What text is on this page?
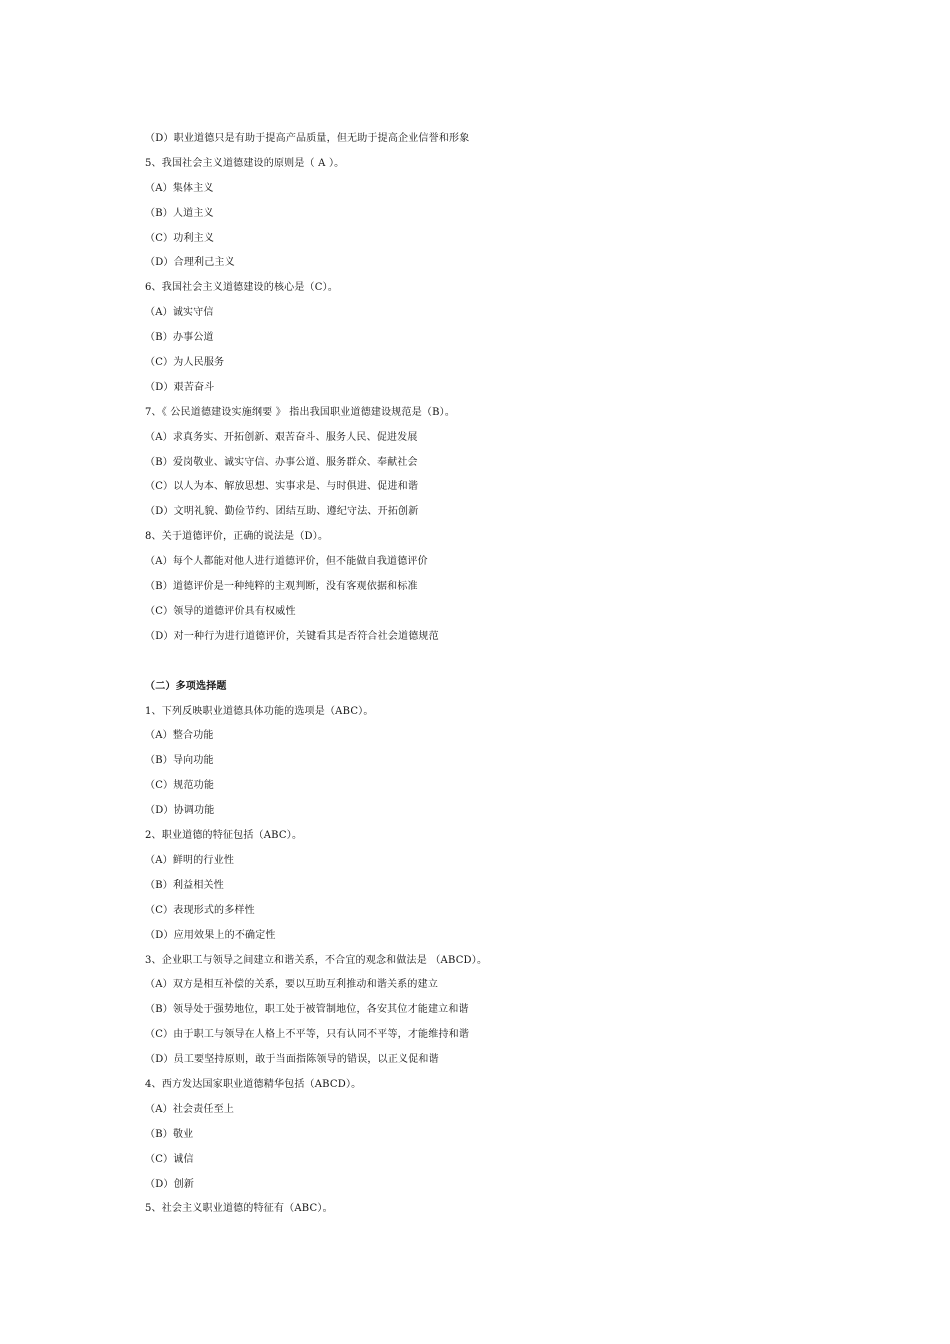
（D）职业道德只是有助于提高产品质量，但无助于提高企业信誉和形象
5、我国社会主义道德建设的原则是（ A ）。
（A）集体主义
（B）人道主义
（C）功利主义
（D）合理利己主义
6、我国社会主义道德建设的核心是（C）。
（A）诚实守信
（B）办事公道
（C）为人民服务
（D）艰苦奋斗
7、《 公民道德建设实施纲要 》 指出我国职业道德建设规范是（B）。
（A）求真务实、开拓创新、艰苦奋斗、服务人民、促进发展
（B）爱岗敬业、诚实守信、办事公道、服务群众、奉献社会
（C）以人为本、解放思想、实事求是、与时俱进、促进和谐
（D）文明礼貌、勤俭节约、团结互助、遵纪守法、开拓创新
8、关于道德评价，正确的说法是（D）。
（A）每个人都能对他人进行道德评价，但不能做自我道德评价
（B）道德评价是一种纯粹的主观判断，没有客观依据和标准
（C）领导的道德评价具有权威性
（D）对一种行为进行道德评价，关键看其是否符合社会道德规范
（二）多项选择题
1、下列反映职业道德具体功能的选项是（ABC）。
（A）整合功能
（B）导向功能
（C）规范功能
（D）协调功能
2、职业道德的特征包括（ABC）。
（A）鲜明的行业性
（B）利益相关性
（C）表现形式的多样性
（D）应用效果上的不确定性
3、企业职工与领导之间建立和谐关系，不合宜的观念和做法是 （ABCD）。
（A）双方是相互补偿的关系，要以互助互利推动和谐关系的建立
（B）领导处于强势地位，职工处于被管制地位，各安其位才能建立和谐
（C）由于职工与领导在人格上不平等，只有认同不平等，才能维持和谐
（D）员工要坚持原则，敢于当面指陈领导的错误，以正义促和谐
4、西方发达国家职业道德精华包括（ABCD）。
（A）社会责任至上
（B）敬业
（C）诚信
（D）创新
5、社会主义职业道德的特征有（ABC）。
